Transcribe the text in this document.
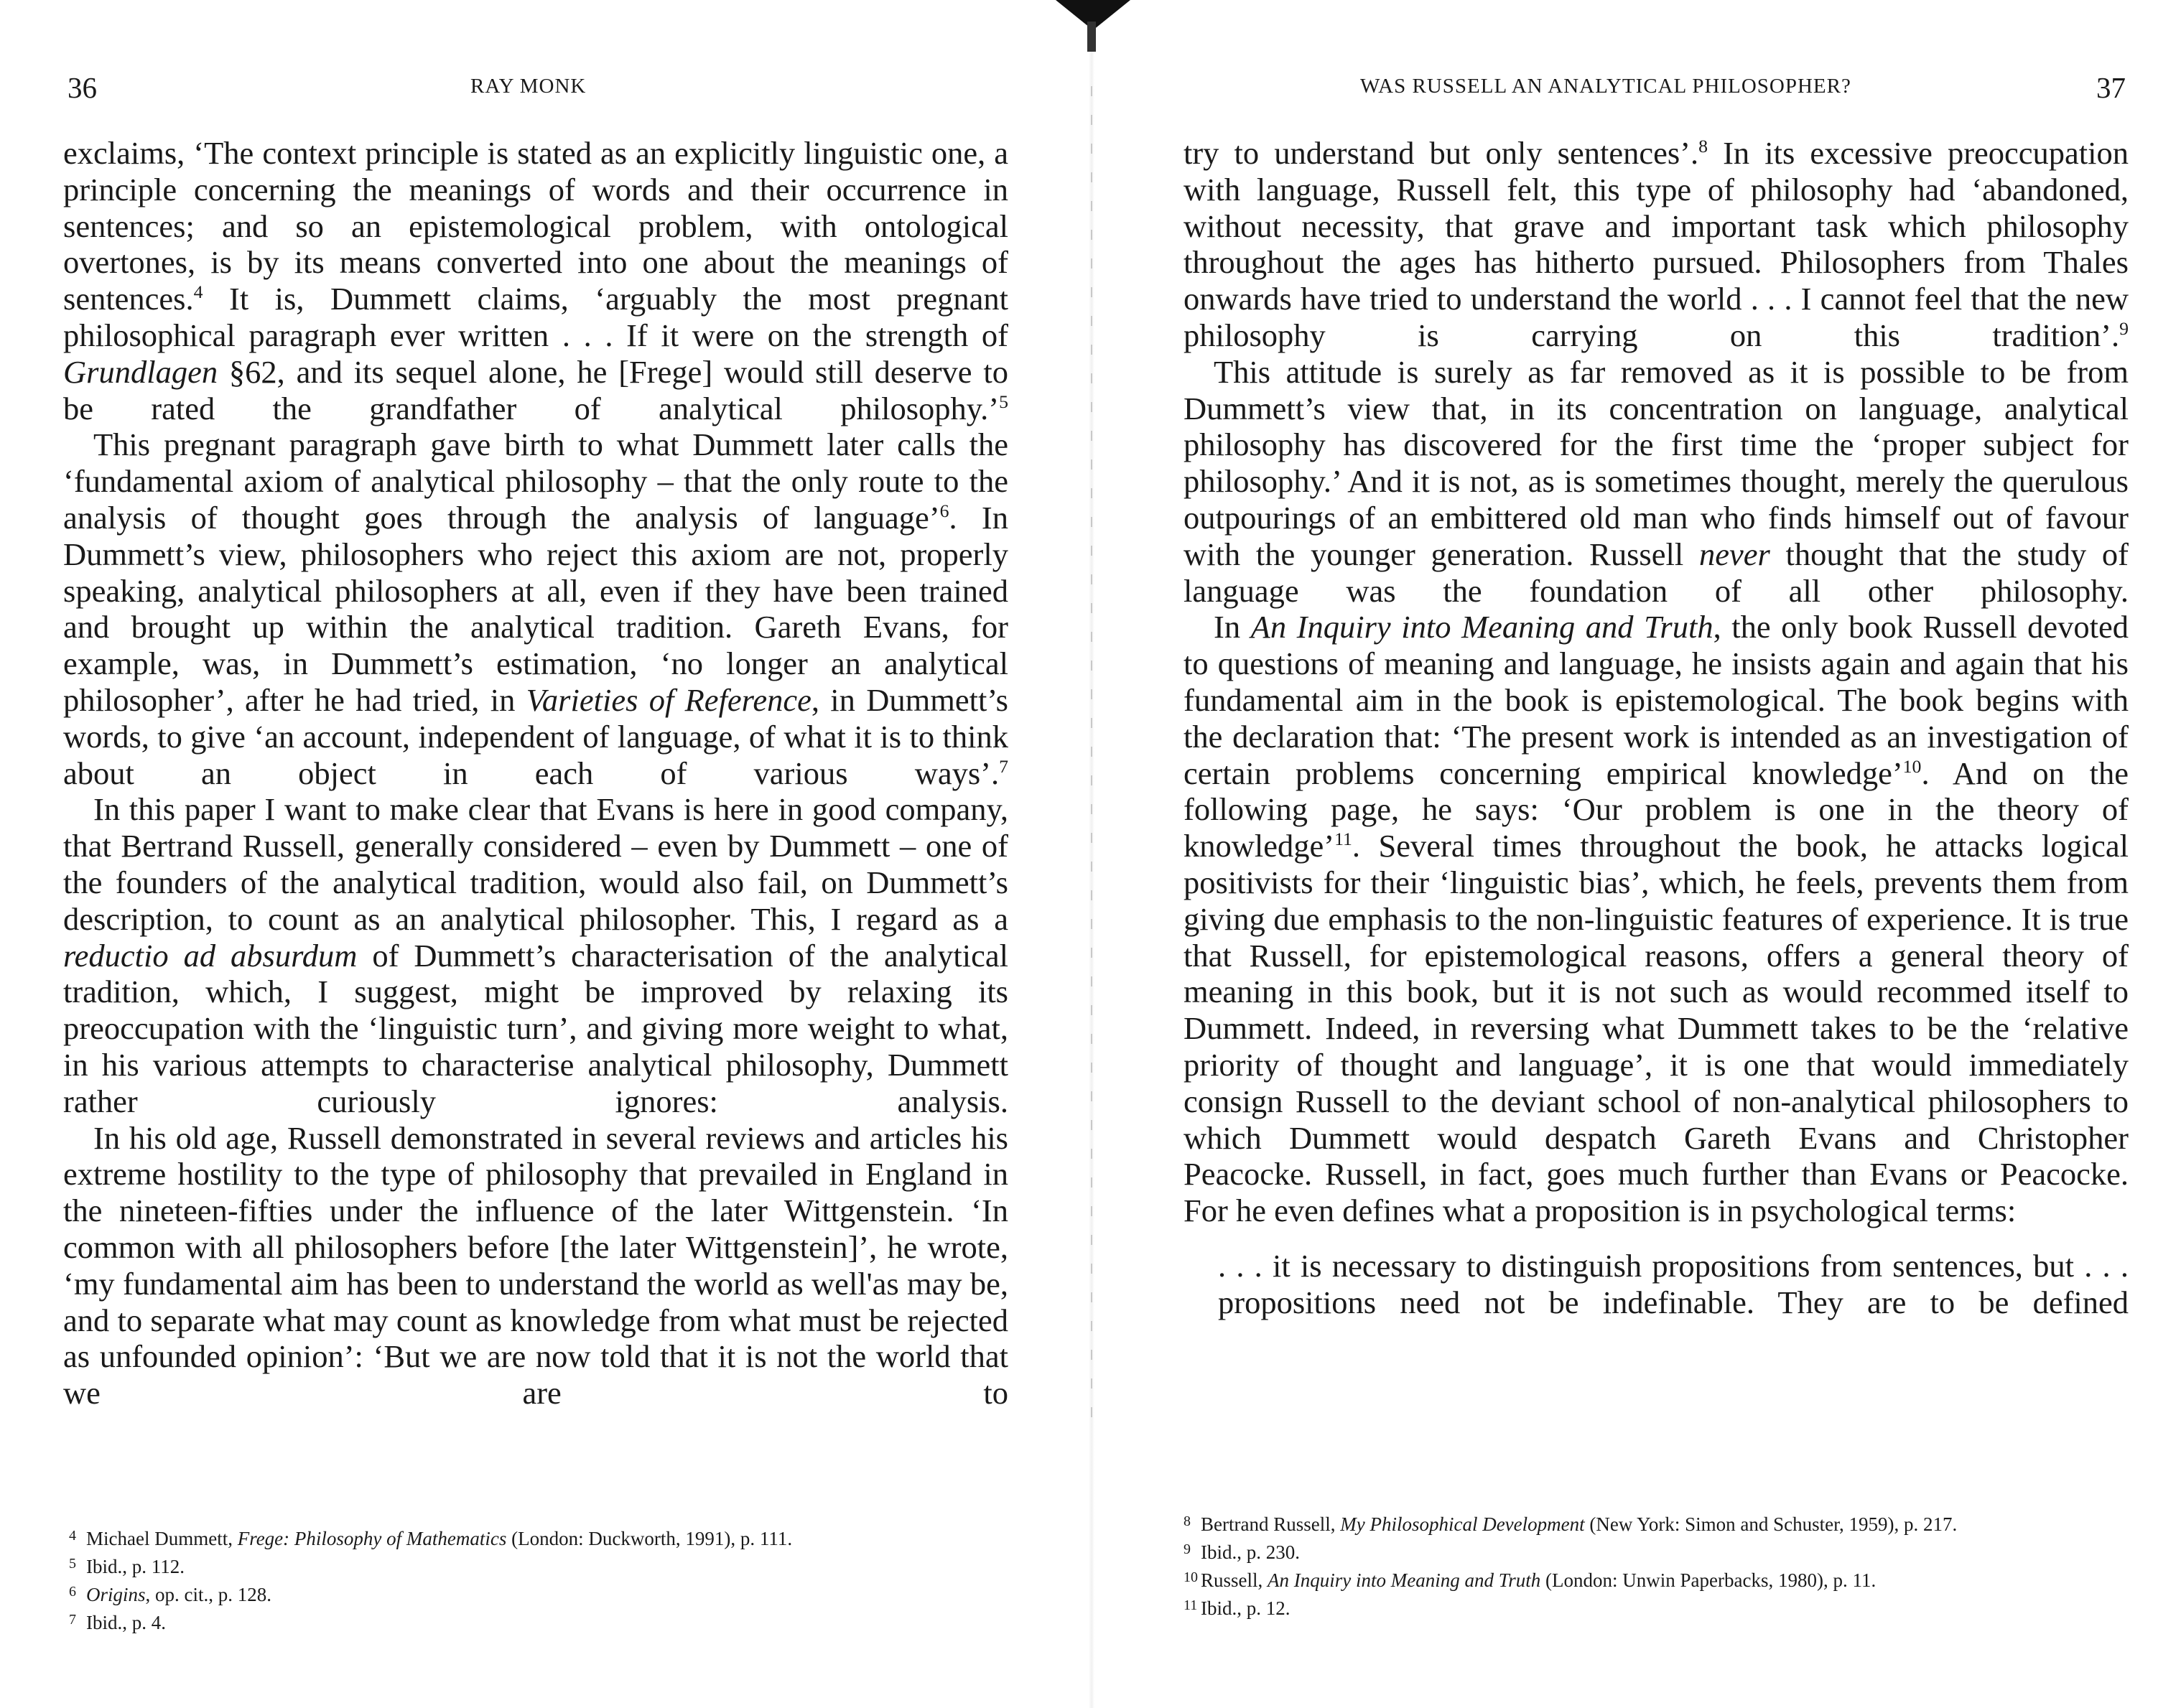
36	RAY MONK

exclaims, ‘The context principle is stated as an explicitly linguistic one, a principle concerning the meanings of words and their occurrence in sentences; and so an epistemological problem, with ontological overtones, is by its means converted into one about the meanings of sentences.$^4$ It is, Dummett claims, ‘arguably the most pregnant philosophical paragraph ever written . . . If it were on the strength of Grundlagen §62, and its sequel alone, he [Frege] would still deserve to be rated the grandfather of analytical philosophy.’$^5$

This pregnant paragraph gave birth to what Dummett later calls the ‘fundamental axiom of analytical philosophy – that the only route to the analysis of thought goes through the analysis of language’$^6$. In Dummett’s view, philosophers who reject this axiom are not, properly speaking, analytical philosophers at all, even if they have been trained and brought up within the analytical tradition. Gareth Evans, for example, was, in Dummett’s estimation, ‘no longer an analytical philosopher’, after he had tried, in Varieties of Reference, in Dummett’s words, to give ‘an account, independent of language, of what it is to think about an object in each of various ways’.$^7$

In this paper I want to make clear that Evans is here in good company, that Bertrand Russell, generally considered – even by Dummett – one of the founders of the analytical tradition, would also fail, on Dummett’s description, to count as an analytical philosopher. This, I regard as a reductio ad absurdum of Dummett’s characterisation of the analytical tradition, which, I suggest, might be improved by relaxing its preoccupation with the ‘linguistic turn’, and giving more weight to what, in his various attempts to characterise analytical philosophy, Dummett rather curiously ignores: analysis.

In his old age, Russell demonstrated in several reviews and articles his extreme hostility to the type of philosophy that prevailed in England in the nineteen-fifties under the influence of the later Wittgenstein. ‘In common with all philosophers before [the later Wittgenstein]’, he wrote, ‘my fundamental aim has been to understand the world as well'as may be, and to separate what may count as knowledge from what must be rejected as unfounded opinion’: ‘But we are now told that it is not the world that we are to

4 Michael Dummett, Frege: Philosophy of Mathematics (London: Duckworth, 1991), p. 111.
5 Ibid., p. 112.
6 Origins, op. cit., p. 128.
7 Ibid., p. 4.
WAS RUSSELL AN ANALYTICAL PHILOSOPHER?	37

try to understand but only sentences’.$^8$ In its excessive preoccupation with language, Russell felt, this type of philosophy had ‘abandoned, without necessity, that grave and important task which philosophy throughout the ages has hitherto pursued. Philosophers from Thales onwards have tried to understand the world . . . I cannot feel that the new philosophy is carrying on this tradition’.$^9$

This attitude is surely as far removed as it is possible to be from Dummett’s view that, in its concentration on language, analytical philosophy has discovered for the first time the ‘proper subject for philosophy.’ And it is not, as is sometimes thought, merely the querulous outpourings of an embittered old man who finds himself out of favour with the younger generation. Russell never thought that the study of language was the foundation of all other philosophy.

In An Inquiry into Meaning and Truth, the only book Russell devoted to questions of meaning and language, he insists again and again that his fundamental aim in the book is epistemological. The book begins with the declaration that: ‘The present work is intended as an investigation of certain problems concerning empirical knowledge’$^{10}$. And on the following page, he says: ‘Our problem is one in the theory of knowledge’$^{11}$. Several times throughout the book, he attacks logical positivists for their ‘linguistic bias’, which, he feels, prevents them from giving due emphasis to the non-linguistic features of experience. It is true that Russell, for epistemological reasons, offers a general theory of meaning in this book, but it is not such as would recommed itself to Dummett. Indeed, in reversing what Dummett takes to be the ‘relative priority of thought and language’, it is one that would immediately consign Russell to the deviant school of non-analytical philosophers to which Dummett would despatch Gareth Evans and Christopher Peacocke. Russell, in fact, goes much further than Evans or Peacocke. For he even defines what a proposition is in psychological terms:

. . . it is necessary to distinguish propositions from sentences, but . . . propositions need not be indefinable. They are to be defined

8 Bertrand Russell, My Philosophical Development (New York: Simon and Schuster, 1959), p. 217.
9 Ibid., p. 230.
10 Russell, An Inquiry into Meaning and Truth (London: Unwin Paperbacks, 1980), p. 11.
11 Ibid., p. 12.
